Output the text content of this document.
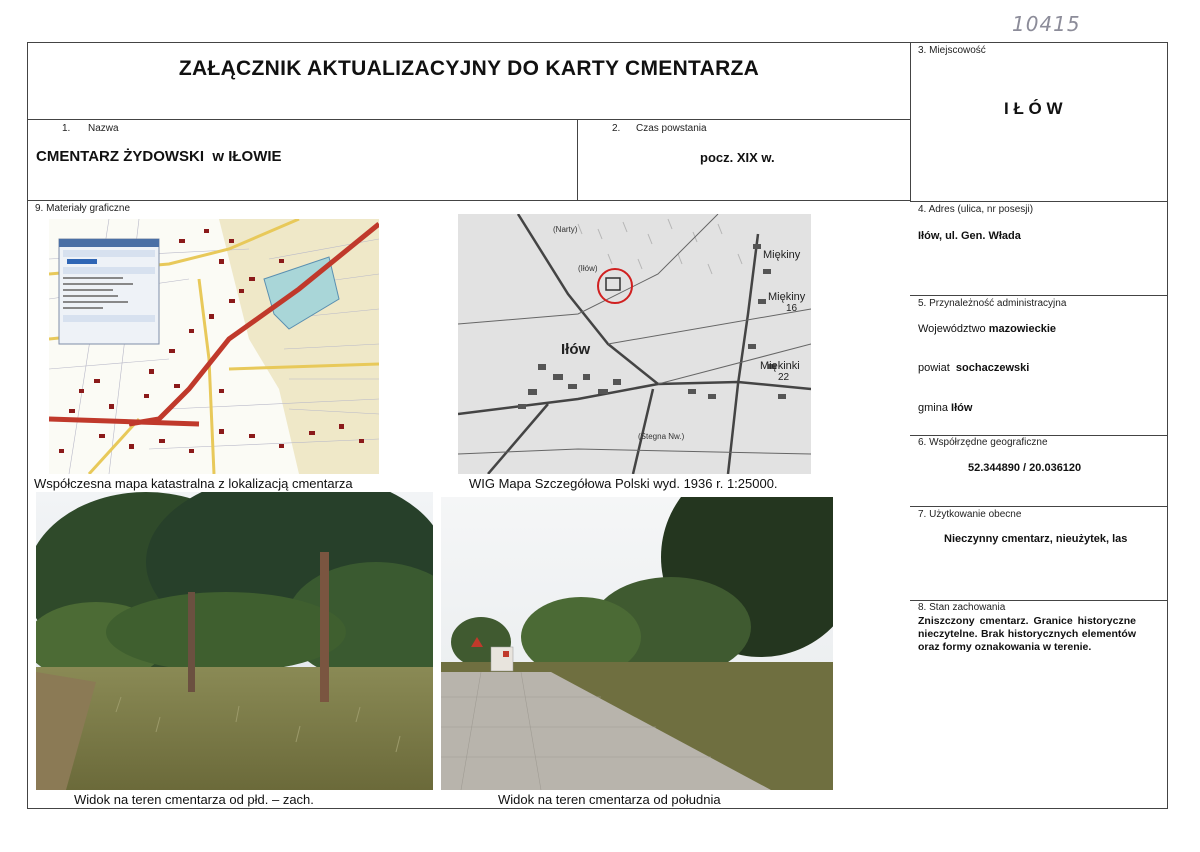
10415
ZAŁĄCZNIK AKTUALIZACYJNY DO KARTY CMENTARZA
1. Nazwa
CMENTARZ ŻYDOWSKI  w IŁOWIE
2. Czas powstania
pocz. XIX w.
3. Miejscowość
I Ł Ó W
9. Materiały graficzne	4. Adres (ulica, nr posesji)
Iłów, ul. Gen. Włada
5. Przynależność administracyjna
Województwo mazowieckie
powiat sochaczewski
gmina Iłów
6. Współrzędne geograficzne
52.344890 / 20.036120
7. Użytkowanie obecne
Nieczynny cmentarz, nieużytek, las
8. Stan zachowania
Zniszczony cmentarz. Granice historyczne nieczytelne. Brak historycznych elementów oraz formy oznakowania w terenie.
Współczesna mapa katastralna z lokalizacją cmentarza
Iłów
Miękiny
Miękiny
16
Miękinki
22
(Narty)
(Iłów)
(Stegna Nw.)
WIG Mapa Szczegółowa Polski wyd. 1936 r. 1:25000.
Widok na teren cmentarza od płd. – zach.	Widok na teren cmentarza od południa
